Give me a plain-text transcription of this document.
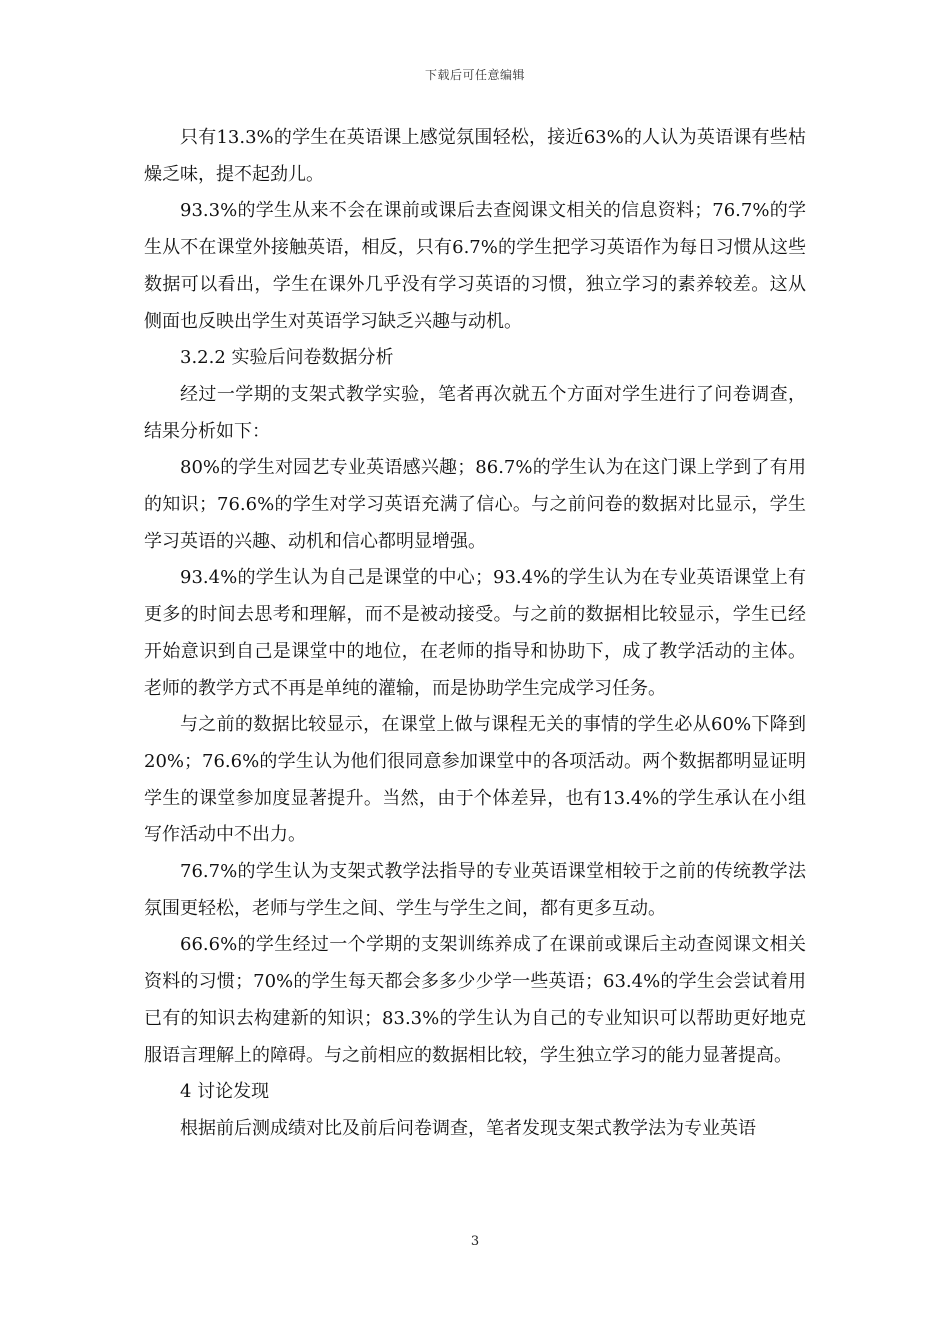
下载后可任意编辑

只有13.3%的学生在英语课上感觉氛围轻松，接近63%的人认为英语课有些枯燥乏味，提不起劲儿。

93.3%的学生从来不会在课前或课后去查阅课文相关的信息资料；76.7%的学生从不在课堂外接触英语，相反，只有6.7%的学生把学习英语作为每日习惯从这些数据可以看出，学生在课外几乎没有学习英语的习惯，独立学习的素养较差。这从侧面也反映出学生对英语学习缺乏兴趣与动机。

3.2.2 实验后问卷数据分析

经过一学期的支架式教学实验，笔者再次就五个方面对学生进行了问卷调查，结果分析如下：

80%的学生对园艺专业英语感兴趣；86.7%的学生认为在这门课上学到了有用的知识；76.6%的学生对学习英语充满了信心。与之前问卷的数据对比显示，学生学习英语的兴趣、动机和信心都明显增强。

93.4%的学生认为自己是课堂的中心；93.4%的学生认为在专业英语课堂上有更多的时间去思考和理解，而不是被动接受。与之前的数据相比较显示，学生已经开始意识到自己是课堂中的地位，在老师的指导和协助下，成了教学活动的主体。老师的教学方式不再是单纯的灌输，而是协助学生完成学习任务。

与之前的数据比较显示，在课堂上做与课程无关的事情的学生必从60%下降到20%；76.6%的学生认为他们很同意参加课堂中的各项活动。两个数据都明显证明学生的课堂参加度显著提升。当然，由于个体差异，也有13.4%的学生承认在小组写作活动中不出力。

76.7%的学生认为支架式教学法指导的专业英语课堂相较于之前的传统教学法氛围更轻松，老师与学生之间、学生与学生之间，都有更多互动。

66.6%的学生经过一个学期的支架训练养成了在课前或课后主动查阅课文相关资料的习惯；70%的学生每天都会多多少少学一些英语；63.4%的学生会尝试着用已有的知识去构建新的知识；83.3%的学生认为自己的专业知识可以帮助更好地克服语言理解上的障碍。与之前相应的数据相比较，学生独立学习的能力显著提高。

4 讨论发现

根据前后测成绩对比及前后问卷调查，笔者发现支架式教学法为专业英语

3
